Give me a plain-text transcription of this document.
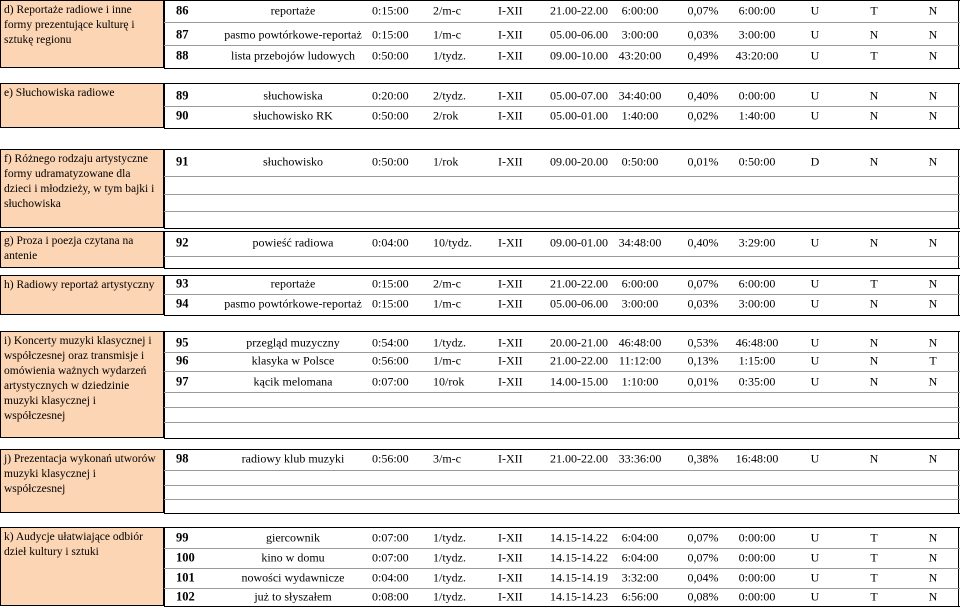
d) Reportaże radiowe i inne formy prezentujące kulturę i sztukę regionu
86	reportaże	0:15:00 2/m-c	I-XII 21.00-22.00 6:00:00 0,07% 6:00:00	U	T	N
87	pasmo powtórkowe-reportaż 0:15:00 1/m-c	I-XII 05.00-06.00 3:00:00 0,03% 3:00:00	U	N	N
88	lista przebojów ludowych 0:50:00 1/tydz.	I-XII 09.00-10.00 43:20:00 0,49% 43:20:00	U	T	N
e) Słuchowiska radiowe	89	słuchowiska	0:20:00 2/tydz.	I-XII 05.00-07.00 34:40:00 0,40% 0:00:00	U	N	N
90	słuchowisko RK	0:50:00 2/rok	I-XII 05.00-01.00 1:40:00 0,02% 1:40:00	U	N	N
f) Różnego rodzaju artystyczne formy udramatyzowane dla dzieci i młodzieży, w tym bajki i słuchowiska
91	słuchowisko	0:50:00 1/rok	I-XII 09.00-20.00 0:50:00 0,01% 0:50:00	D	N	N
g) Proza i poezja czytana na antenie
92	powieść radiowa	0:04:00 10/tydz. I-XII 09.00-01.00 34:48:00 0,40% 3:29:00	U	N	N
h) Radiowy reportaż artystyczny	93	reportaże	0:15:00 2/m-c	I-XII 21.00-22.00 6:00:00 0,07% 6:00:00	U	T	N
94	pasmo powtórkowe-reportaż 0:15:00 1/m-c	I-XII 05.00-06.00 3:00:00 0,03% 3:00:00	U	N	N
i) Koncerty muzyki klasycznej i współczesnej oraz transmisje i omówienia ważnych wydarzeń artystycznych w dziedzinie muzyki klasycznej i współczesnej
95	przegląd muzyczny	0:54:00 1/tydz.	I-XII 20.00-21.00 46:48:00 0,53% 46:48:00	U	N	N
96	klasyka w Polsce	0:56:00 1/m-c	I-XII 21.00-22.00 11:12:00 0,13% 1:15:00	U	N	T
97	kącik melomana	0:07:00 10/rok	I-XII 14.00-15.00 1:10:00 0,01% 0:35:00	U	N	N
j) Prezentacja wykonań utworów muzyki klasycznej i współczesnej
98	radiowy klub muzyki 0:56:00 3/m-c	I-XII 21.00-22.00 33:36:00 0,38% 16:48:00	U	N	N
k) Audycje ułatwiające odbiór dzieł kultury i sztuki
99	giercownik	0:07:00 1/tydz.	I-XII 14.15-14.22 6:04:00 0,07% 0:00:00	U	T	N
100	kino w domu	0:07:00 1/tydz.	I-XII 14.15-14.22 6:04:00 0,07% 0:00:00	U	T	N
101	nowości wydawnicze 0:04:00 1/tydz.	I-XII 14.15-14.19 3:32:00 0,04% 0:00:00	U	T	N
102	już to słyszałem	0:08:00 1/tydz.	I-XII 14.15-14.23 6:56:00 0,08% 0:00:00	U	T	N
